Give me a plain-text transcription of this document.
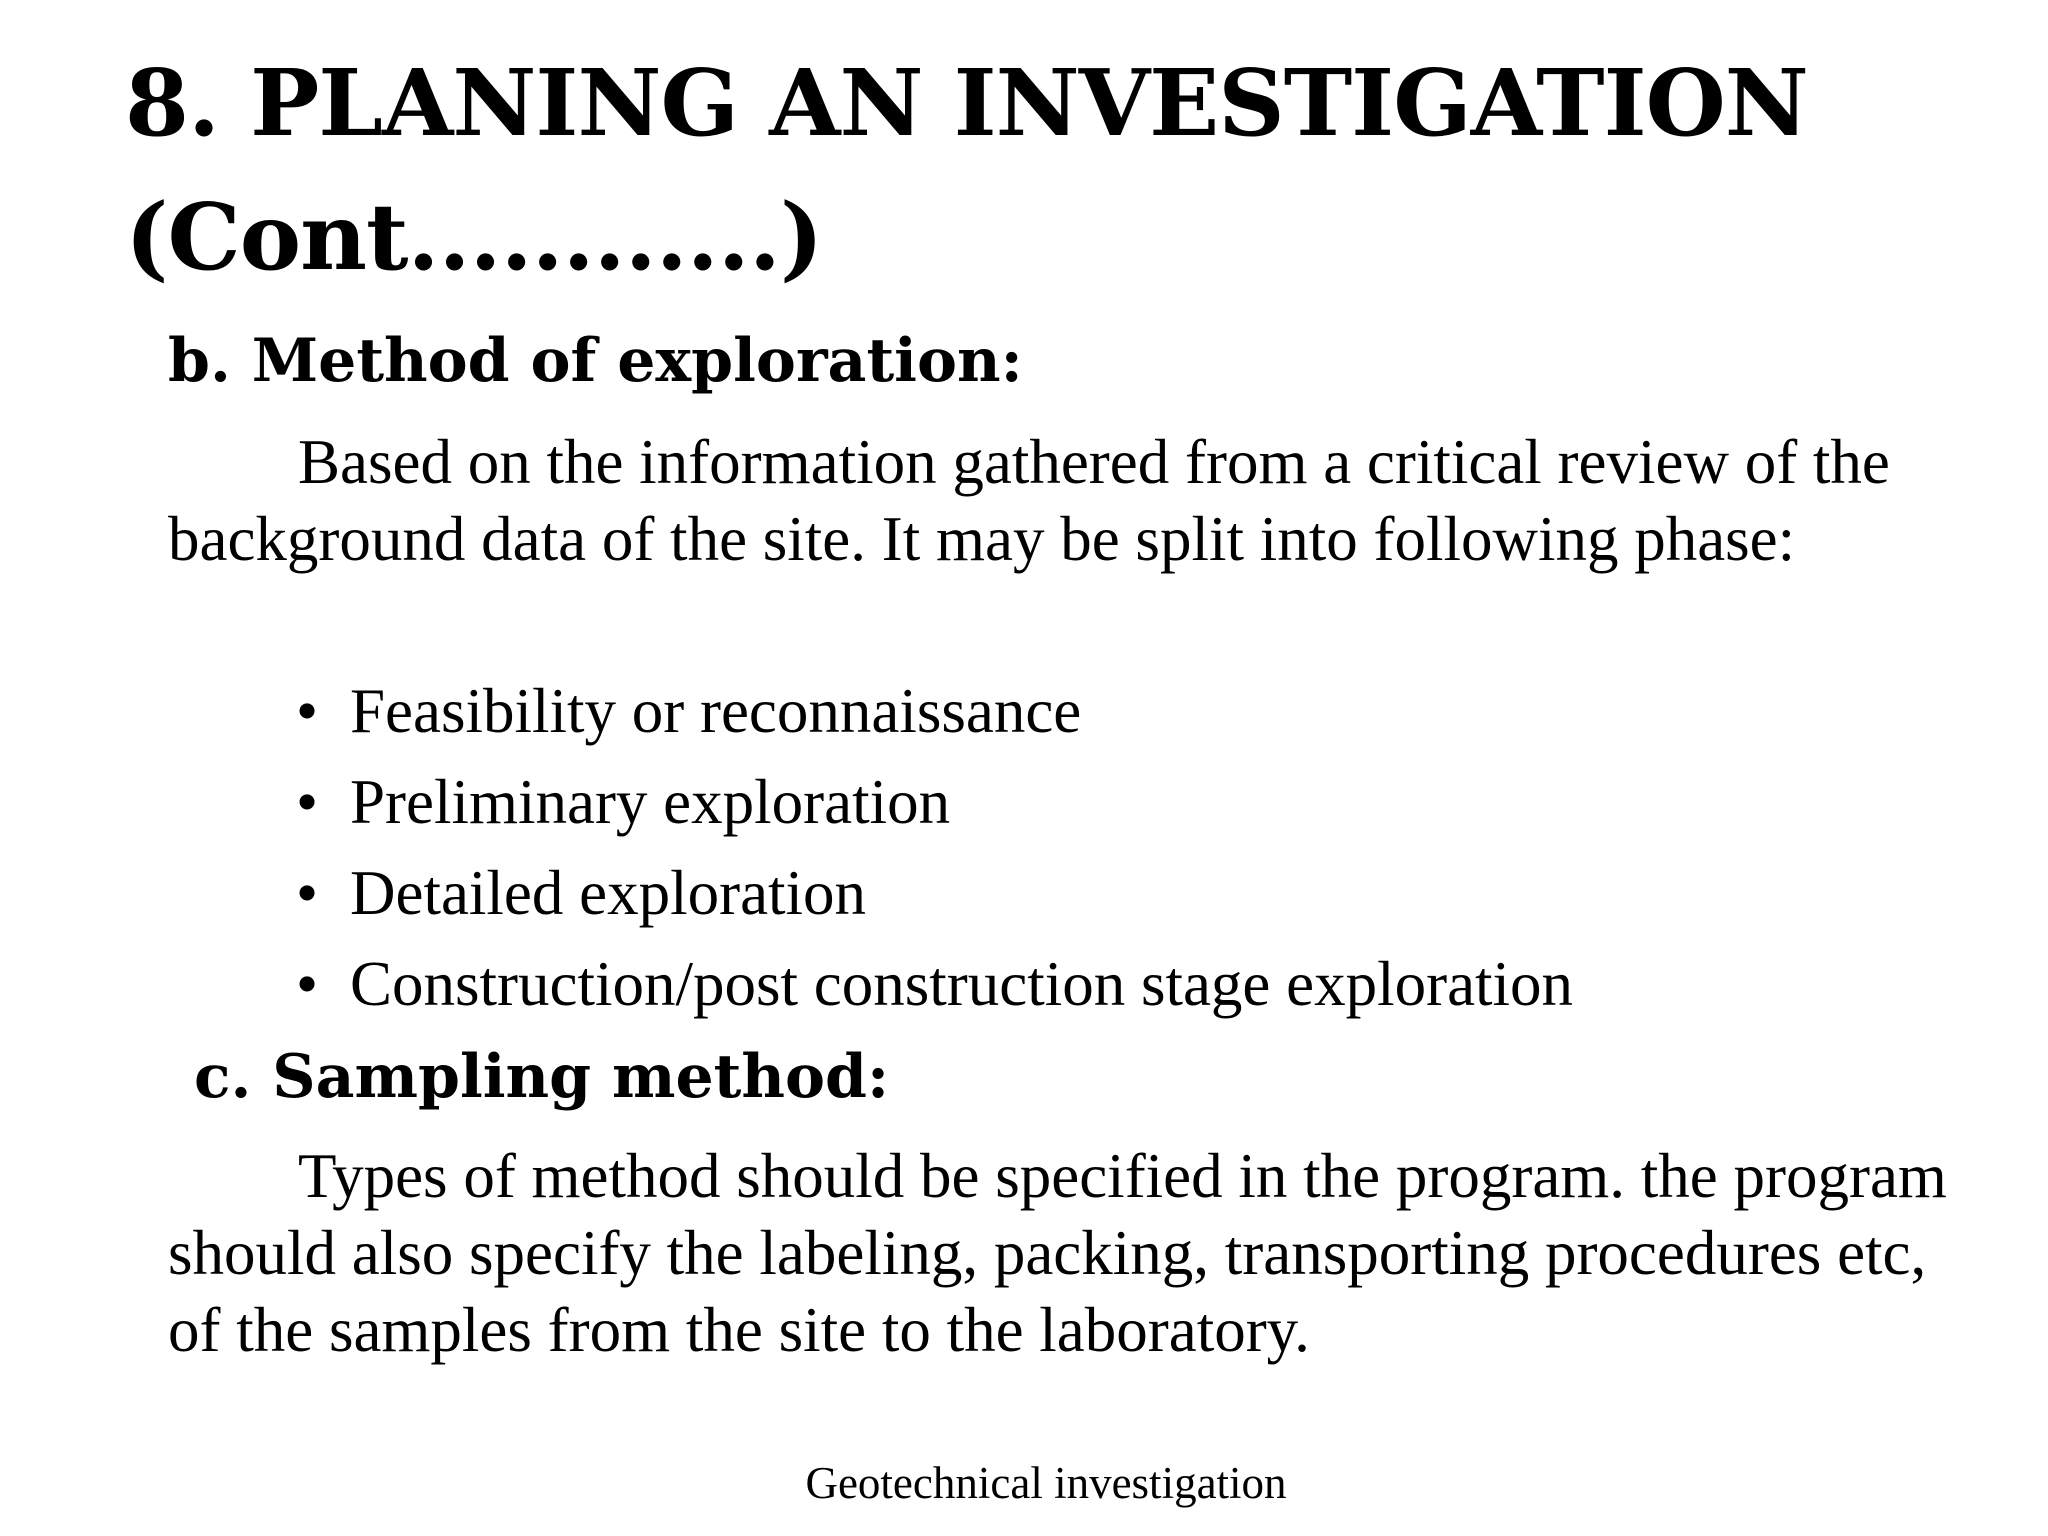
8. PLANING AN INVESTIGATION
(Cont............)
b. Method of exploration:

Based on the information gathered from a critical review of the background data of the site. It may be split into following phase:

• Feasibility or reconnaissance
• Preliminary exploration
• Detailed exploration
• Construction/post construction stage exploration
c. Sampling method:

Types of method should be specified in the program. the program should also specify the labeling, packing, transporting procedures etc, of the samples from the site to the laboratory.

Geotechnical investigation
